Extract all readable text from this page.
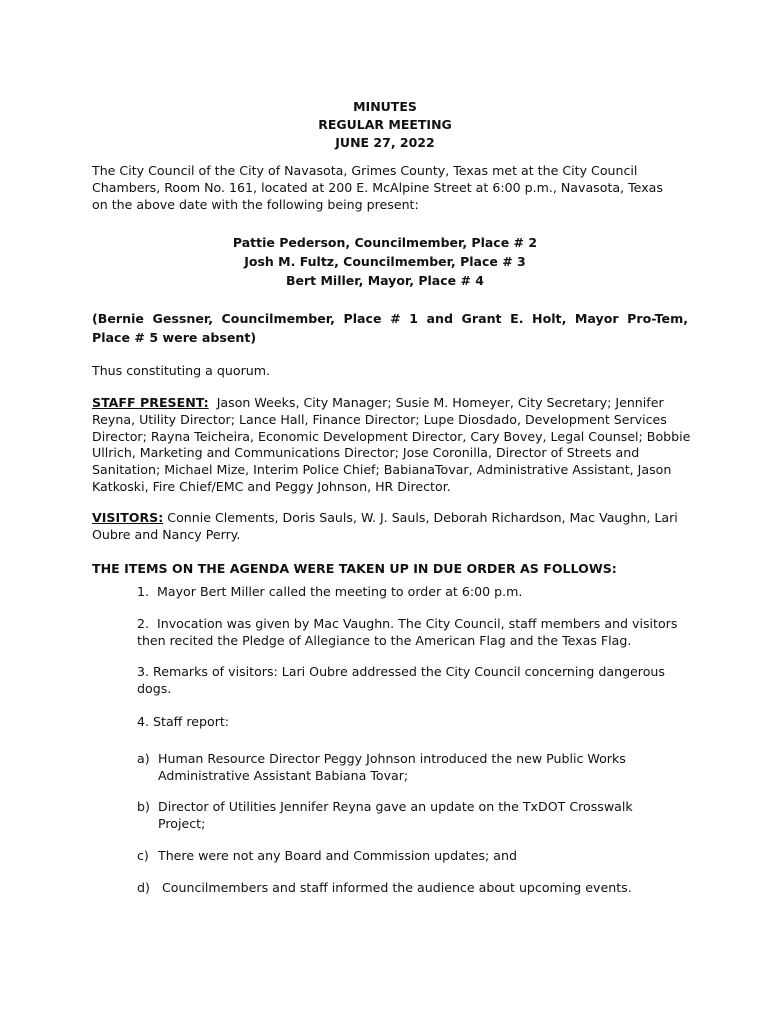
MINUTES
REGULAR MEETING
JUNE 27, 2022
The City Council of the City of Navasota, Grimes County, Texas met at the City Council
Chambers, Room No. 161, located at 200 E. McAlpine Street at 6:00 p.m., Navasota, Texas
on the above date with the following being present:
Pattie Pederson, Councilmember, Place # 2
Josh M. Fultz, Councilmember, Place # 3
Bert Miller, Mayor, Place # 4
(Bernie Gessner, Councilmember, Place # 1 and Grant E. Holt, Mayor Pro-Tem,
Place # 5 were absent)
Thus constituting a quorum.
STAFF PRESENT:  Jason Weeks, City Manager; Susie M. Homeyer, City Secretary; Jennifer
Reyna, Utility Director; Lance Hall, Finance Director; Lupe Diosdado, Development Services
Director; Rayna Teicheira, Economic Development Director, Cary Bovey, Legal Counsel; Bobbie
Ullrich, Marketing and Communications Director; Jose Coronilla, Director of Streets and
Sanitation; Michael Mize, Interim Police Chief; BabianaTovar, Administrative Assistant, Jason
Katkoski, Fire Chief/EMC and Peggy Johnson, HR Director.
VISITORS: Connie Clements, Doris Sauls, W. J. Sauls, Deborah Richardson, Mac Vaughn, Lari
Oubre and Nancy Perry.
THE ITEMS ON THE AGENDA WERE TAKEN UP IN DUE ORDER AS FOLLOWS:
1.  Mayor Bert Miller called the meeting to order at 6:00 p.m.
2.  Invocation was given by Mac Vaughn. The City Council, staff members and visitors
then recited the Pledge of Allegiance to the American Flag and the Texas Flag.
3. Remarks of visitors: Lari Oubre addressed the City Council concerning dangerous
dogs.
4. Staff report:
a) Human Resource Director Peggy Johnson introduced the new Public Works
Administrative Assistant Babiana Tovar;
b) Director of Utilities Jennifer Reyna gave an update on the TxDOT Crosswalk
Project;
c) There were not any Board and Commission updates; and
d) Councilmembers and staff informed the audience about upcoming events.
